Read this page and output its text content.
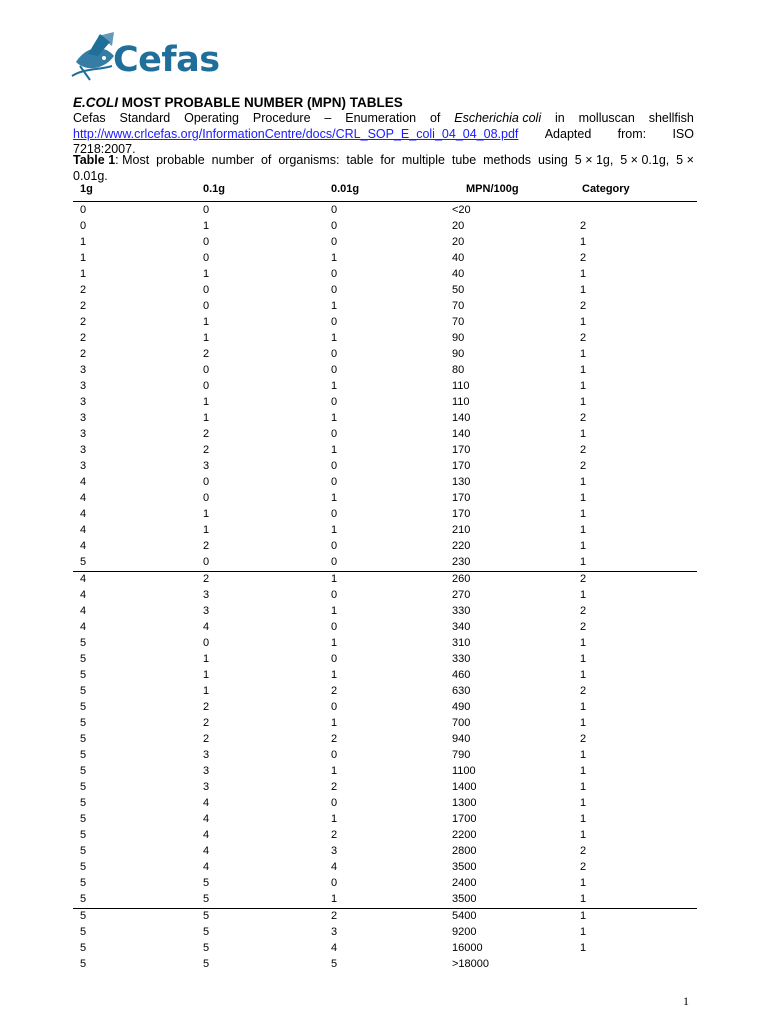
Cefas
E.COLI MOST PROBABLE NUMBER (MPN) TABLES
Cefas Standard Operating Procedure – Enumeration of Escherichia coli in molluscan shellfish
http://www.crlcefas.org/InformationCentre/docs/CRL_SOP_E_coli_04_04_08.pdf Adapted from: ISO
7218:2007.
Table 1: Most probable number of organisms: table for multiple tube methods using 5 × 1g, 5 × 0.1g, 5 ×
0.01g.
1g	0.1g	0.01g	MPN/100g	Category
0	0	0	<20
0	1	0	20	2
1	0	0	20	1
1	0	1	40	2
1	1	0	40	1
2	0	0	50	1
2	0	1	70	2
2	1	0	70	1
2	1	1	90	2
2	2	0	90	1
3	0	0	80	1
3	0	1	110	1
3	1	0	110	1
3	1	1	140	2
3	2	0	140	1
3	2	1	170	2
3	3	0	170	2
4	0	0	130	1
4	0	1	170	1
4	1	0	170	1
4	1	1	210	1
4	2	0	220	1
5	0	0	230	1
4	2	1	260	2
4	3	0	270	1
4	3	1	330	2
4	4	0	340	2
5	0	1	310	1
5	1	0	330	1
5	1	1	460	1
5	1	2	630	2
5	2	0	490	1
5	2	1	700	1
5	2	2	940	2
5	3	0	790	1
5	3	1	1100	1
5	3	2	1400	1
5	4	0	1300	1
5	4	1	1700	1
5	4	2	2200	1
5	4	3	2800	2
5	4	4	3500	2
5	5	0	2400	1
5	5	1	3500	1
5	5	2	5400	1
5	5	3	9200	1
5	5	4	16000	1
5	5	5	>18000
1
